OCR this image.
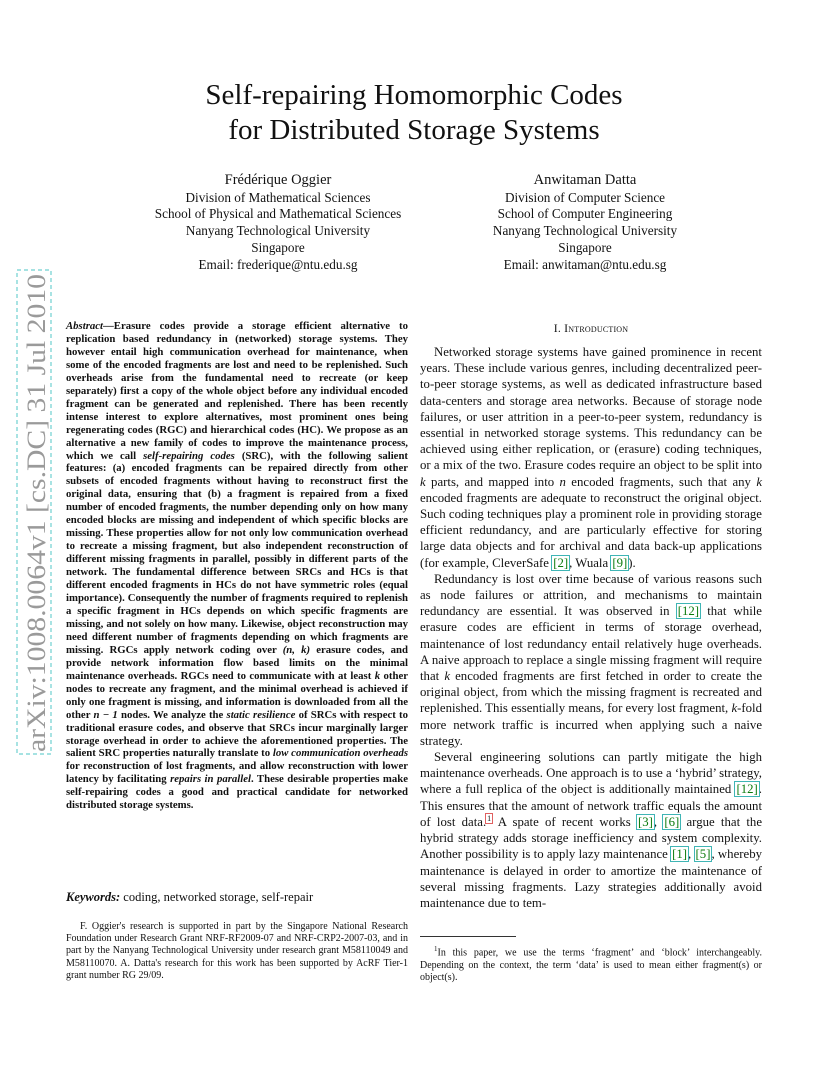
arXiv:1008.0064v1 [cs.DC] 31 Jul 2010
Self-repairing Homomorphic Codes
for Distributed Storage Systems
Frédérique Oggier
Division of Mathematical Sciences
School of Physical and Mathematical Sciences
Nanyang Technological University
Singapore
Email: frederique@ntu.edu.sg
Anwitaman Datta
Division of Computer Science
School of Computer Engineering
Nanyang Technological University
Singapore
Email: anwitaman@ntu.edu.sg
Abstract—Erasure codes provide a storage efficient alternative to replication based redundancy in (networked) storage systems. They however entail high communication overhead for maintenance, when some of the encoded fragments are lost and need to be replenished. Such overheads arise from the fundamental need to recreate (or keep separately) first a copy of the whole object before any individual encoded fragment can be generated and replenished. There has been recently intense interest to explore alternatives, most prominent ones being regenerating codes (RGC) and hierarchical codes (HC). We propose as an alternative a new family of codes to improve the maintenance process, which we call self-repairing codes (SRC), with the following salient features: (a) encoded fragments can be repaired directly from other subsets of encoded fragments without having to reconstruct first the original data, ensuring that (b) a fragment is repaired from a fixed number of encoded fragments, the number depending only on how many encoded blocks are missing and independent of which specific blocks are missing. These properties allow for not only low communication overhead to recreate a missing fragment, but also independent reconstruction of different missing fragments in parallel, possibly in different parts of the network. The fundamental difference between SRCs and HCs is that different encoded fragments in HCs do not have symmetric roles (equal importance). Consequently the number of fragments required to replenish a specific fragment in HCs depends on which specific fragments are missing, and not solely on how many. Likewise, object reconstruction may need different number of fragments depending on which fragments are missing. RGCs apply network coding over (n, k) erasure codes, and provide network information flow based limits on the minimal maintenance overheads. RGCs need to communicate with at least k other nodes to recreate any fragment, and the minimal overhead is achieved if only one fragment is missing, and information is downloaded from all the other n − 1 nodes. We analyze the static resilience of SRCs with respect to traditional erasure codes, and observe that SRCs incur marginally larger storage overhead in order to achieve the aforementioned properties. The salient SRC properties naturally translate to low communication overheads for reconstruction of lost fragments, and allow reconstruction with lower latency by facilitating repairs in parallel. These desirable properties make self-repairing codes a good and practical candidate for networked distributed storage systems.
Keywords: coding, networked storage, self-repair
F. Oggier's research is supported in part by the Singapore National Research Foundation under Research Grant NRF-RF2009-07 and NRF-CRP2-2007-03, and in part by the Nanyang Technological University under research grant M58110049 and M58110070. A. Datta's research for this work has been supported by AcRF Tier-1 grant number RG 29/09.
I. Introduction

Networked storage systems have gained prominence in recent years. These include various genres, including decentralized peer-to-peer storage systems, as well as dedicated infrastructure based data-centers and storage area networks. Because of storage node failures, or user attrition in a peer-to-peer system, redundancy is essential in networked storage systems. This redundancy can be achieved using either replication, or (erasure) coding techniques, or a mix of the two. Erasure codes require an object to be split into k parts, and mapped into n encoded fragments, such that any k encoded fragments are adequate to reconstruct the original object. Such coding techniques play a prominent role in providing storage efficient redundancy, and are particularly effective for storing large data objects and for archival and data back-up applications (for example, CleverSafe [2], Wuala [9]).

Redundancy is lost over time because of various reasons such as node failures or attrition, and mechanisms to maintain redundancy are essential. It was observed in [12] that while erasure codes are efficient in terms of storage overhead, maintenance of lost redundancy entail relatively huge overheads. A naive approach to replace a single missing fragment will require that k encoded fragments are first fetched in order to create the original object, from which the missing fragment is recreated and replenished. This essentially means, for every lost fragment, k-fold more network traffic is incurred when applying such a naive strategy.

Several engineering solutions can partly mitigate the high maintenance overheads. One approach is to use a ‘hybrid’ strategy, where a full replica of the object is additionally maintained [12]. This ensures that the amount of network traffic equals the amount of lost data.$^1$ A spate of recent works [3], [6] argue that the hybrid strategy adds storage inefficiency and system complexity. Another possibility is to apply lazy maintenance [1], [5], whereby maintenance is delayed in order to amortize the maintenance of several missing fragments. Lazy strategies additionally avoid maintenance due to tem-

$^1$In this paper, we use the terms ‘fragment’ and ‘block’ interchangeably. Depending on the context, the term ‘data’ is used to mean either fragment(s) or object(s).
